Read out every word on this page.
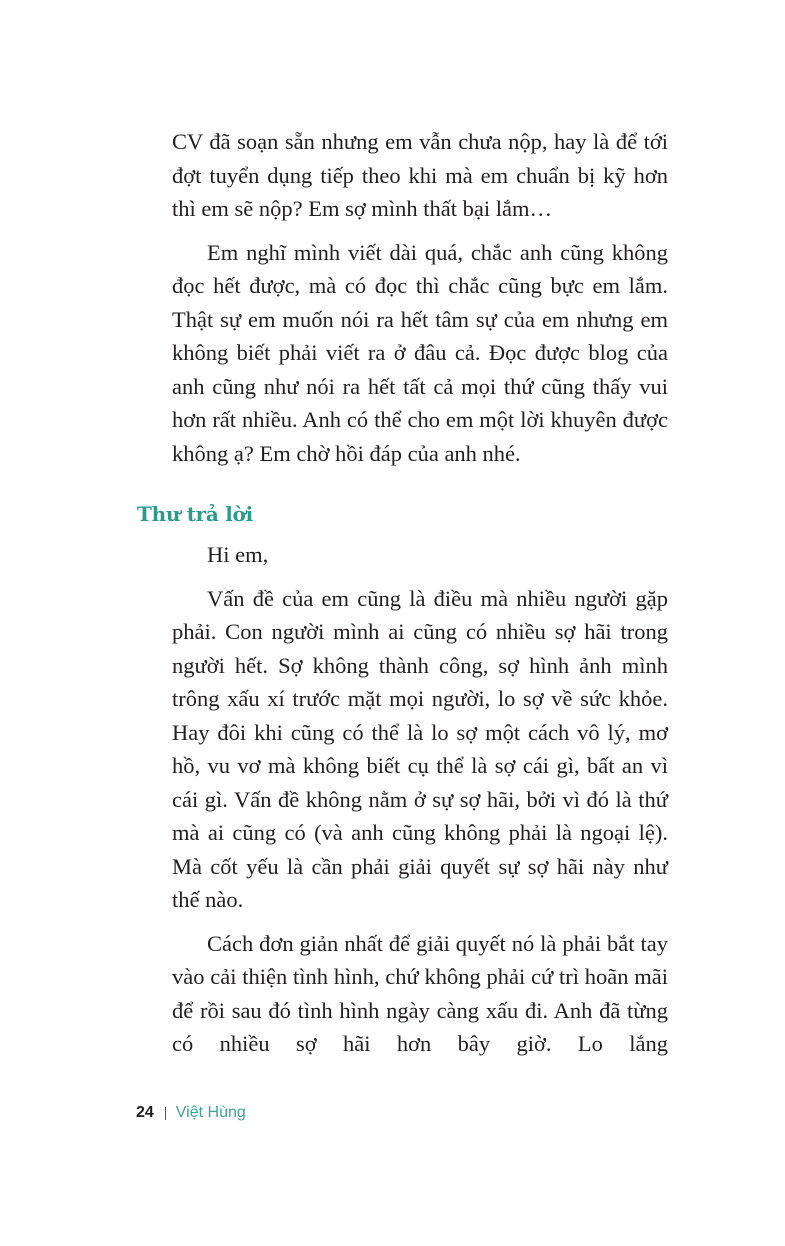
CV đã soạn sẵn nhưng em vẫn chưa nộp, hay là để tới đợt tuyển dụng tiếp theo khi mà em chuẩn bị kỹ hơn thì em sẽ nộp? Em sợ mình thất bại lắm…

Em nghĩ mình viết dài quá, chắc anh cũng không đọc hết được, mà có đọc thì chắc cũng bực em lắm. Thật sự em muốn nói ra hết tâm sự của em nhưng em không biết phải viết ra ở đâu cả. Đọc được blog của anh cũng như nói ra hết tất cả mọi thứ cũng thấy vui hơn rất nhiều. Anh có thể cho em một lời khuyên được không ạ? Em chờ hồi đáp của anh nhé.

Thư trả lời

Hi em,

Vấn đề của em cũng là điều mà nhiều người gặp phải. Con người mình ai cũng có nhiều sợ hãi trong người hết. Sợ không thành công, sợ hình ảnh mình trông xấu xí trước mặt mọi người, lo sợ về sức khỏe. Hay đôi khi cũng có thể là lo sợ một cách vô lý, mơ hồ, vu vơ mà không biết cụ thể là sợ cái gì, bất an vì cái gì. Vấn đề không nằm ở sự sợ hãi, bởi vì đó là thứ mà ai cũng có (và anh cũng không phải là ngoại lệ). Mà cốt yếu là cần phải giải quyết sự sợ hãi này như thế nào.

Cách đơn giản nhất để giải quyết nó là phải bắt tay vào cải thiện tình hình, chứ không phải cứ trì hoãn mãi để rồi sau đó tình hình ngày càng xấu đi. Anh đã từng có nhiều sợ hãi hơn bây giờ. Lo lắng

24 Việt Hùng
